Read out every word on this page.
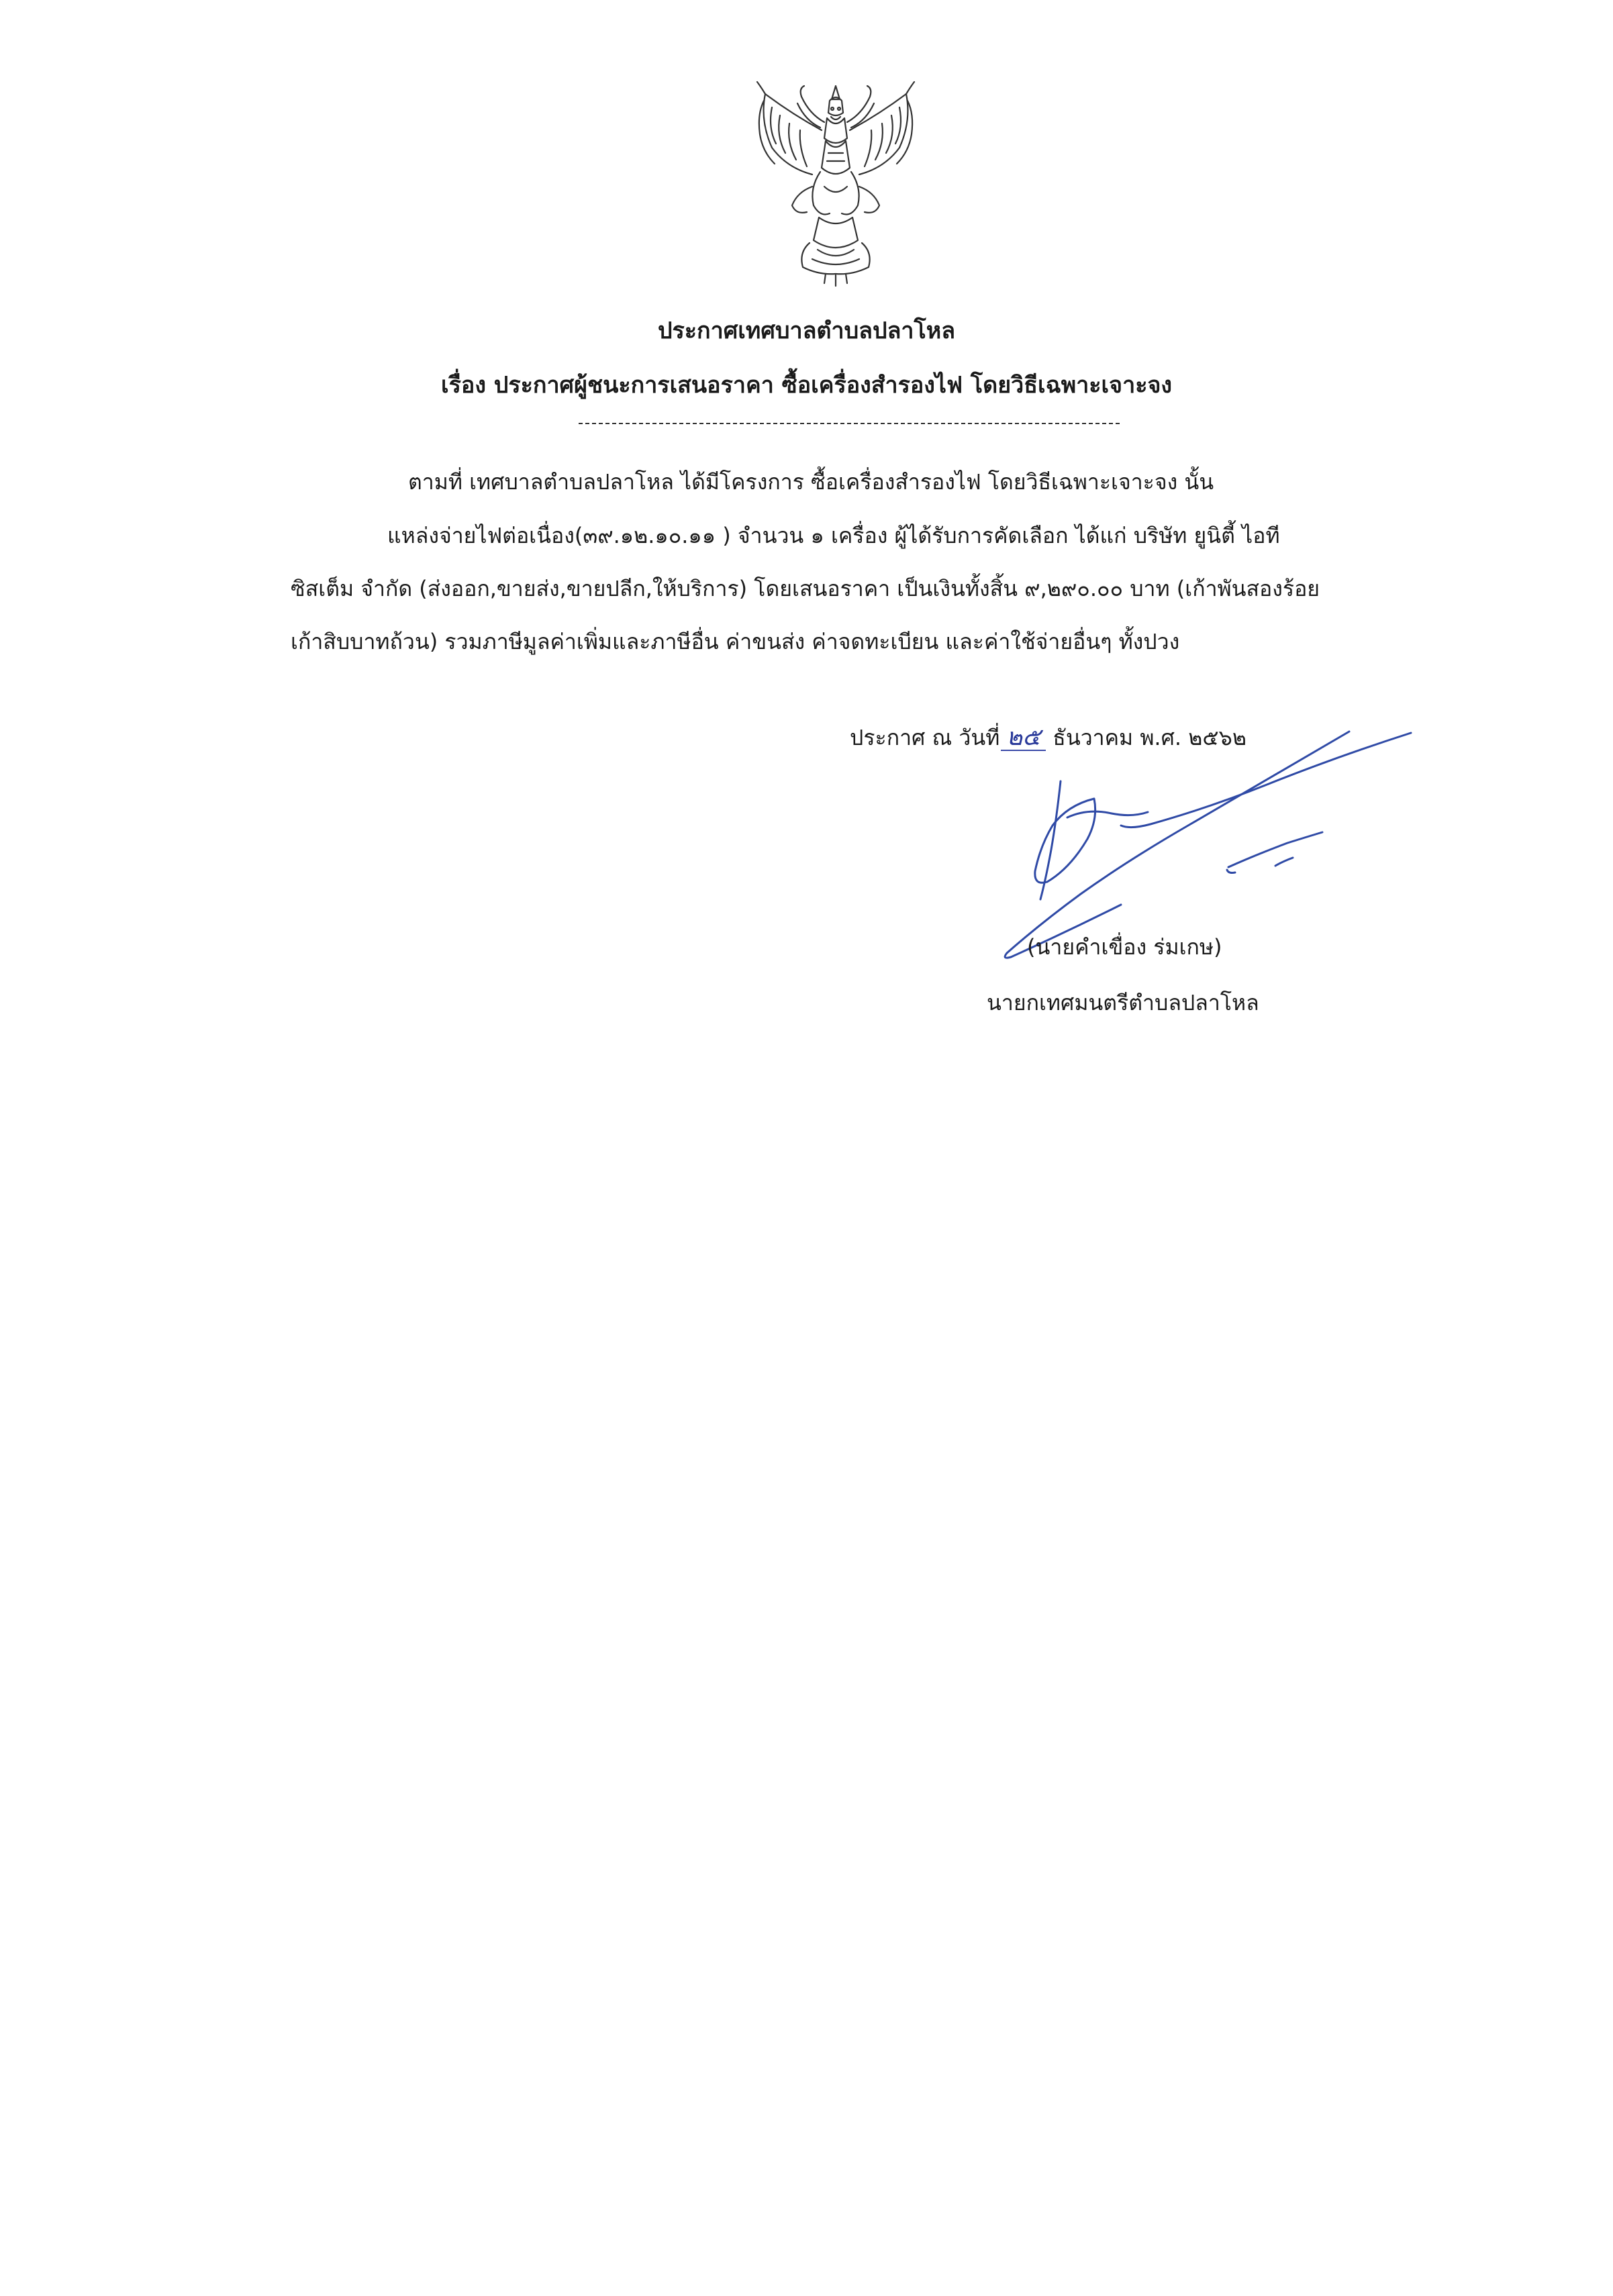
ประกาศเทศบาลตำบลปลาโหล
เรื่อง ประกาศผู้ชนะการเสนอราคา ซื้อเครื่องสำรองไฟ โดยวิธีเฉพาะเจาะจง
ตามที่ เทศบาลตำบลปลาโหล ได้มีโครงการ ซื้อเครื่องสำรองไฟ โดยวิธีเฉพาะเจาะจง นั้น
แหล่งจ่ายไฟต่อเนื่อง(๓๙.๑๒.๑๐.๑๑ ) จำนวน ๑ เครื่อง ผู้ได้รับการคัดเลือก ได้แก่ บริษัท ยูนิตี้ ไอที
ซิสเต็ม จำกัด (ส่งออก,ขายส่ง,ขายปลีก,ให้บริการ) โดยเสนอราคา เป็นเงินทั้งสิ้น ๙,๒๙๐.๐๐ บาท (เก้าพันสองร้อย
เก้าสิบบาทถ้วน) รวมภาษีมูลค่าเพิ่มและภาษีอื่น ค่าขนส่ง ค่าจดทะเบียน และค่าใช้จ่ายอื่นๆ ทั้งปวง
ประกาศ ณ วันที่ ๒๕ ธันวาคม พ.ศ. ๒๕๖๒
(นายคำเขื่อง ร่มเกษ)
นายกเทศมนตรีตำบลปลาโหล
